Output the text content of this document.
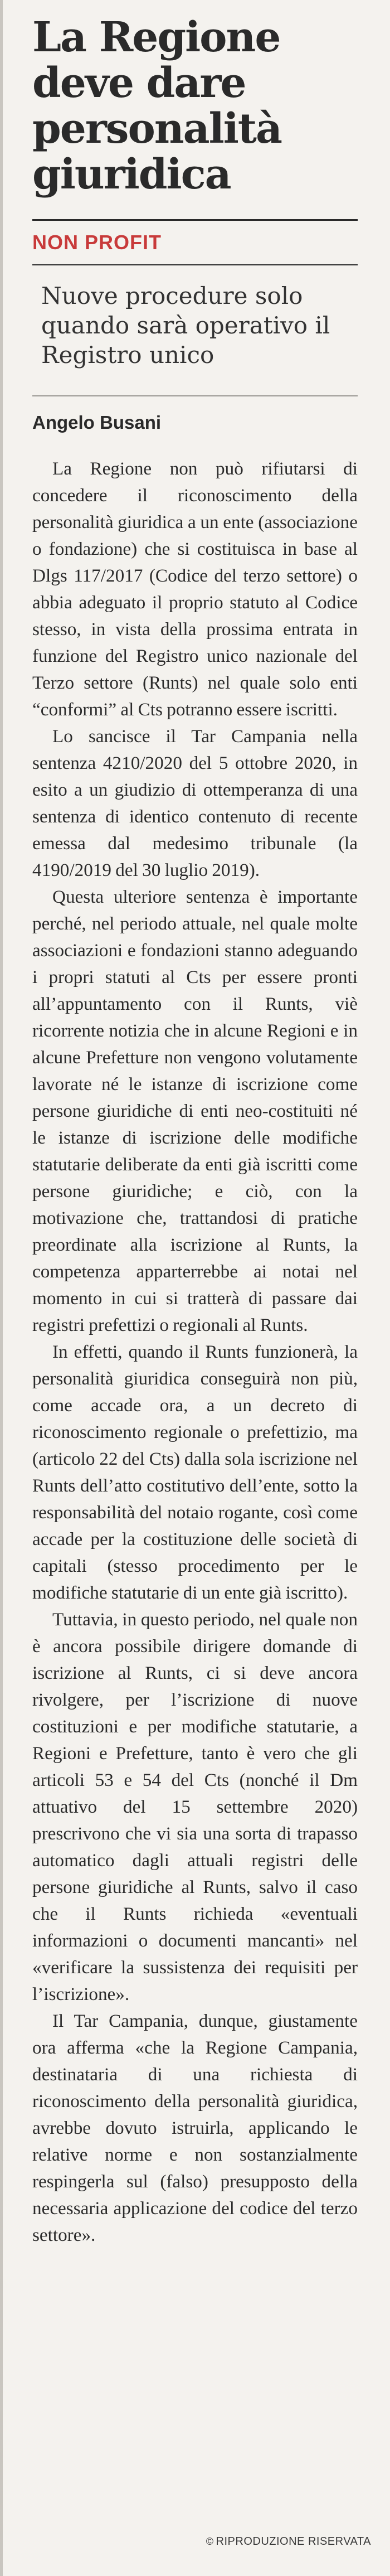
La Regione deve dare personalità giuridica

NON PROFIT

Nuove procedure solo quando sarà operativo il Registro unico

Angelo Busani

La Regione non può rifiutarsi di concedere il riconoscimento della personalità giuridica a un ente (associazione o fondazione) che si costituisca in base al Dlgs 117/2017 (Codice del terzo settore) o abbia adeguato il proprio statuto al Codice stesso, in vista della prossima entrata in funzione del Registro unico nazionale del Terzo settore (Runts) nel quale solo enti “conformi” al Cts potranno essere iscritti.

Lo sancisce il Tar Campania nella sentenza 4210/2020 del 5 ottobre 2020, in esito a un giudizio di ottemperanza di una sentenza di identico contenuto di recente emessa dal medesimo tribunale (la 4190/2019 del 30 luglio 2019).

Questa ulteriore sentenza è importante perché, nel periodo attuale, nel quale molte associazioni e fondazioni stanno adeguando i propri statuti al Cts per essere pronti all’appuntamento con il Runts, viè ricorrente notizia che in alcune Regioni e in alcune Prefetture non vengono volutamente lavorate né le istanze di iscrizione come persone giuridiche di enti neo-costituiti né le istanze di iscrizione delle modifiche statutarie deliberate da enti già iscritti come persone giuridiche; e ciò, con la motivazione che, trattandosi di pratiche preordinate alla iscrizione al Runts, la competenza apparterrebbe ai notai nel momento in cui si tratterà di passare dai registri prefettizi o regionali al Runts.

In effetti, quando il Runts funzionerà, la personalità giuridica conseguirà non più, come accade ora, a un decreto di riconoscimento regionale o prefettizio, ma (articolo 22 del Cts) dalla sola iscrizione nel Runts dell’atto costitutivo dell’ente, sotto la responsabilità del notaio rogante, così come accade per la costituzione delle società di capitali (stesso procedimento per le modifiche statutarie di un ente già iscritto).

Tuttavia, in questo periodo, nel quale non è ancora possibile dirigere domande di iscrizione al Runts, ci si deve ancora rivolgere, per l’iscrizione di nuove costituzioni e per modifiche statutarie, a Regioni e Prefetture, tanto è vero che gli articoli 53 e 54 del Cts (nonché il Dm attuativo del 15 settembre 2020) prescrivono che vi sia una sorta di trapasso automatico dagli attuali registri delle persone giuridiche al Runts, salvo il caso che il Runts richieda «eventuali informazioni o documenti mancanti» nel «verificare la sussistenza dei requisiti per l’iscrizione».

Il Tar Campania, dunque, giustamente ora afferma «che la Regione Campania, destinataria di una richiesta di riconoscimento della personalità giuridica, avrebbe dovuto istruirla, applicando le relative norme e non sostanzialmente respingerla sul (falso) presupposto della necessaria applicazione del codice del terzo settore».

© RIPRODUZIONE RISERVATA
